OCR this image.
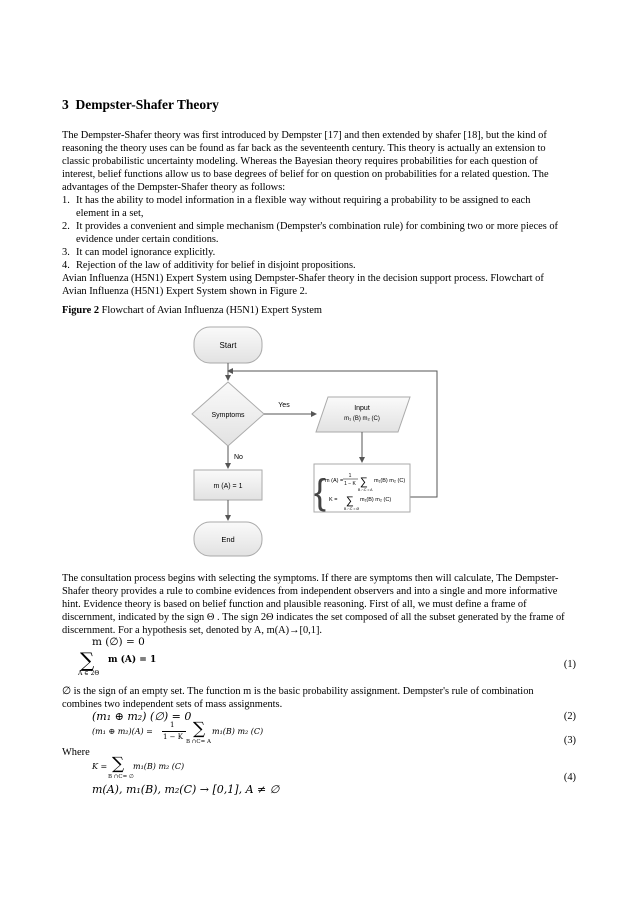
3 Dempster-Shafer Theory
The Dempster-Shafer theory was first introduced by Dempster [17] and then extended by shafer [18], but the kind of
reasoning the theory uses can be found as far back as the seventeenth century. This theory is actually an extension to
classic probabilistic uncertainty modeling. Whereas the Bayesian theory requires probabilities for each question of
interest, belief functions allow us to base degrees of belief for on question on probabilities for a related question. The
advantages of the Dempster-Shafer theory as follows:
1. It has the ability to model information in a flexible way without requiring a probability to be assigned to each
element in a set,
2. It provides a convenient and simple mechanism (Dempster's combination rule) for combining two or more pieces of
evidence under certain conditions.
3. It can model ignorance explicitly.
4. Rejection of the law of additivity for belief in disjoint propositions.
Avian Influenza (H5N1) Expert System using Dempster-Shafer theory in the decision support process. Flowchart of
Avian Influenza (H5N1) Expert System shown in Figure 2.
Figure 2 Flowchart of Avian Influenza (H5N1) Expert System
Start
Symptoms
Yes	Input
m₁ (B) m₂ (C)
{
m (A) =
1
1 − K ∑ m₁(B) m₂ (C)
B ∩C = A
K = ∑ m₁(B) m₂ (C)
B ∩C = Ø
No
m (A) = 1
End
The consultation process begins with selecting the symptoms. If there are symptoms then will calculate, The Dempster-
Shafer theory provides a rule to combine evidences from independent observers and into a single and more informative
hint. Evidence theory is based on belief function and plausible reasoning. First of all, we must define a frame of
discernment, indicated by the sign Θ . The sign 2Θ indicates the set composed of all the subset generated by the frame of
discernment. For a hypothesis set, denoted by A, m(A)→[0,1].
m (∅) = 0
∑
A ∈ 2Θ
m (A) = 1	(1)
∅ is the sign of an empty set. The function m is the basic probability assignment. Dempster's rule of combination
combines two independent sets of mass assignments.
(m₁ ⊕ m₂) (∅) = 0	(2)
(m₁ ⊕ m₂)(A) =
1
1 − K ∑
B ∩C= A
m₁(B) m₂ (C)
(3)
Where
K = ∑
B ∩C= ∅
m₁(B) m₂ (C)
(4)
m(A), m₁(B), m₂(C) → [0,1], A ≠ ∅
